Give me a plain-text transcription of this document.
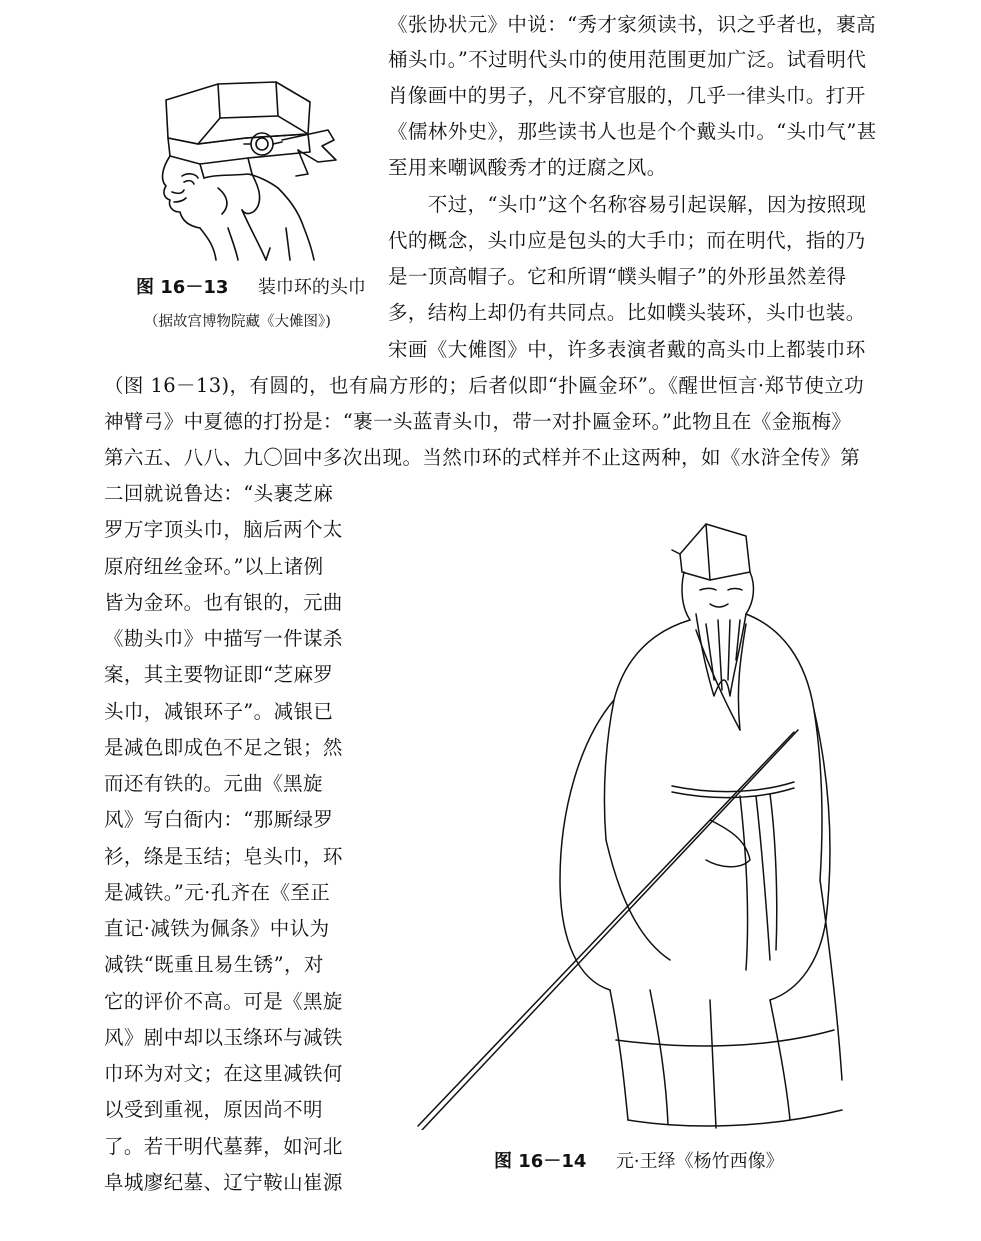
图 16－13 装巾环的头巾
（据故宫博物院藏《大傩图》)
《张协状元》中说：“秀才家须读书，识之乎者也，裹高
桶头巾。”不过明代头巾的使用范围更加广泛。试看明代
肖像画中的男子，凡不穿官服的，几乎一律头巾。打开
《儒林外史》，那些读书人也是个个戴头巾。“头巾气”甚
至用来嘲讽酸秀才的迂腐之风。
　　不过，“头巾”这个名称容易引起误解，因为按照现
代的概念，头巾应是包头的大手巾；而在明代，指的乃
是一顶高帽子。它和所谓“幞头帽子”的外形虽然差得
多，结构上却仍有共同点。比如幞头装环，头巾也装。
宋画《大傩图》中，许多表演者戴的高头巾上都装巾环
（图 16－13)，有圆的，也有扁方形的；后者似即“扑匾金环”。《醒世恒言·郑节使立功
神臂弓》中夏德的打扮是：“裹一头蓝青头巾，带一对扑匾金环。”此物且在《金瓶梅》
第六五、八八、九〇回中多次出现。当然巾环的式样并不止这两种，如《水浒全传》第
二回就说鲁达：“头裹芝麻
罗万字顶头巾，脑后两个太
原府纽丝金环。”以上诸例
皆为金环。也有银的，元曲
《勘头巾》中描写一件谋杀
案，其主要物证即“芝麻罗
头巾，减银环子”。减银已
是减色即成色不足之银；然
而还有铁的。元曲《黑旋
风》写白衙内：“那厮绿罗
衫，绦是玉结；皂头巾，环
是减铁。”元·孔齐在《至正
直记·减铁为佩条》中认为
减铁“既重且易生锈”，对
它的评价不高。可是《黑旋
风》剧中却以玉绦环与减铁
巾环为对文；在这里减铁何
以受到重视，原因尚不明
了。若干明代墓葬，如河北
阜城廖纪墓、辽宁鞍山崔源
图 16－14 元·王绎《杨竹西像》
